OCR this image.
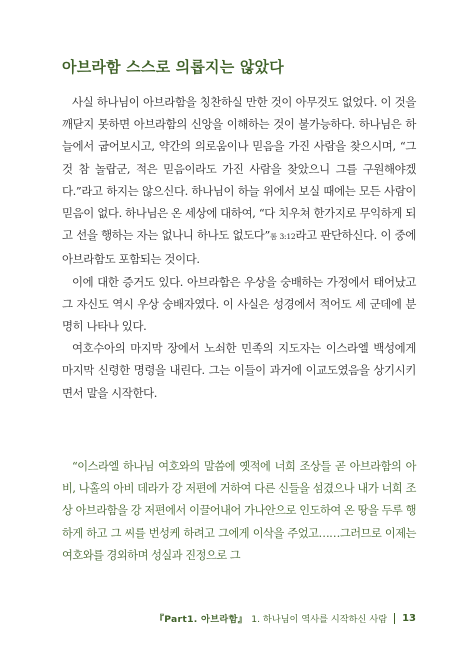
아브라함 스스로 의롭지는 않았다

사실 하나님이 아브라함을 칭찬하실 만한 것이 아무것도 없었다. 이 것을 깨닫지 못하면 아브라함의 신앙을 이해하는 것이 불가능하다. 하나님은 하늘에서 굽어보시고, 약간의 의로움이나 믿음을 가진 사람을 찾으시며, “그것 참 놀랍군, 적은 믿음이라도 가진 사람을 찾았으니 그를 구원해야겠다.”라고 하지는 않으신다. 하나님이 하늘 위에서 보실 때에는 모든 사람이 믿음이 없다. 하나님은 온 세상에 대하여, “다 치우쳐 한가지로 무익하게 되고 선을 행하는 자는 없나니 하나도 없도다”롬 3:12라고 판단하신다. 이 중에 아브라함도 포함되는 것이다.

이에 대한 증거도 있다. 아브라함은 우상을 숭배하는 가정에서 태어났고 그 자신도 역시 우상 숭배자였다. 이 사실은 성경에서 적어도 세 군데에 분명히 나타나 있다.

여호수아의 마지막 장에서 노쇠한 민족의 지도자는 이스라엘 백성에게 마지막 신령한 명령을 내린다. 그는 이들이 과거에 이교도였음을 상기시키면서 말을 시작한다.

“이스라엘 하나님 여호와의 말씀에 옛적에 너희 조상들 곧 아브라함의 아비, 나홀의 아비 데라가 강 저편에 거하여 다른 신들을 섬겼으나 내가 너희 조상 아브라함을 강 저편에서 이끌어내어 가나안으로 인도하여 온 땅을 두루 행하게 하고 그 씨를 번성케 하려고 그에게 이삭을 주었고……그러므로 이제는 여호와를 경외하며 성실과 진정으로 그

『Part1. 아브라함』 1. 하나님이 역사를 시작하신 사람 13
